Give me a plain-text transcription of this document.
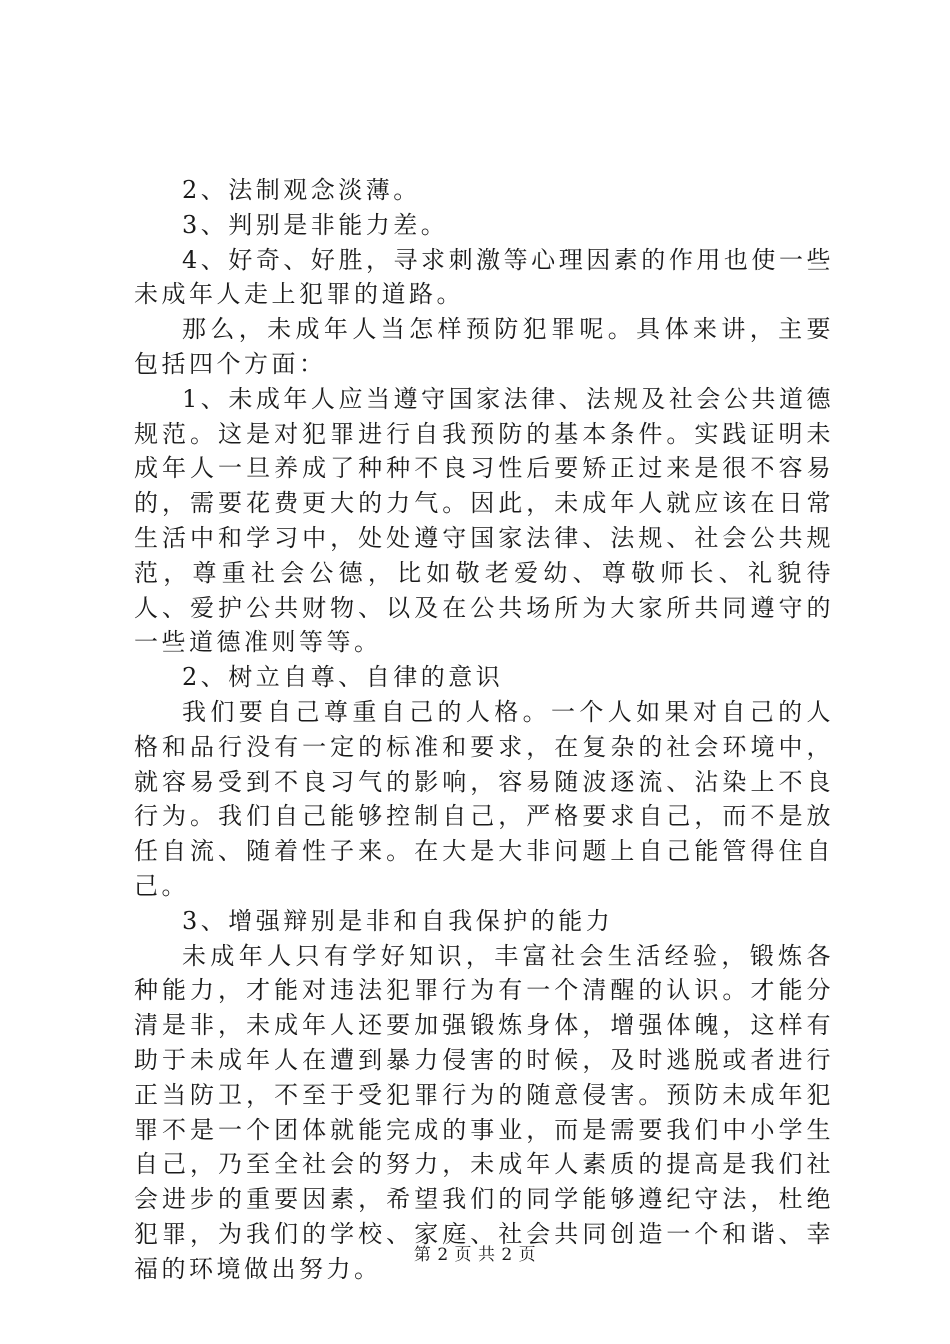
2、法制观念淡薄。

3、判别是非能力差。

4、好奇、好胜，寻求刺激等心理因素的作用也使一些未成年人走上犯罪的道路。

那么，未成年人当怎样预防犯罪呢。具体来讲，主要包括四个方面：

1、未成年人应当遵守国家法律、法规及社会公共道德规范。这是对犯罪进行自我预防的基本条件。实践证明未成年人一旦养成了种种不良习性后要矫正过来是很不容易的，需要花费更大的力气。因此，未成年人就应该在日常生活中和学习中，处处遵守国家法律、法规、社会公共规范，尊重社会公德，比如敬老爱幼、尊敬师长、礼貌待人、爱护公共财物、以及在公共场所为大家所共同遵守的一些道德准则等等。

2、树立自尊、自律的意识

我们要自己尊重自己的人格。一个人如果对自己的人格和品行没有一定的标准和要求，在复杂的社会环境中，就容易受到不良习气的影响，容易随波逐流、沾染上不良行为。我们自己能够控制自己，严格要求自己，而不是放任自流、随着性子来。在大是大非问题上自己能管得住自己。

3、增强辩别是非和自我保护的能力

未成年人只有学好知识，丰富社会生活经验，锻炼各种能力，才能对违法犯罪行为有一个清醒的认识。才能分清是非，未成年人还要加强锻炼身体，增强体魄，这样有助于未成年人在遭到暴力侵害的时候，及时逃脱或者进行正当防卫，不至于受犯罪行为的随意侵害。预防未成年犯罪不是一个团体就能完成的事业，而是需要我们中小学生自己，乃至全社会的努力，未成年人素质的提高是我们社会进步的重要因素，希望我们的同学能够遵纪守法，杜绝犯罪，为我们的学校、家庭、社会共同创造一个和谐、幸福的环境做出努力。	第 2 页 共 2 页
